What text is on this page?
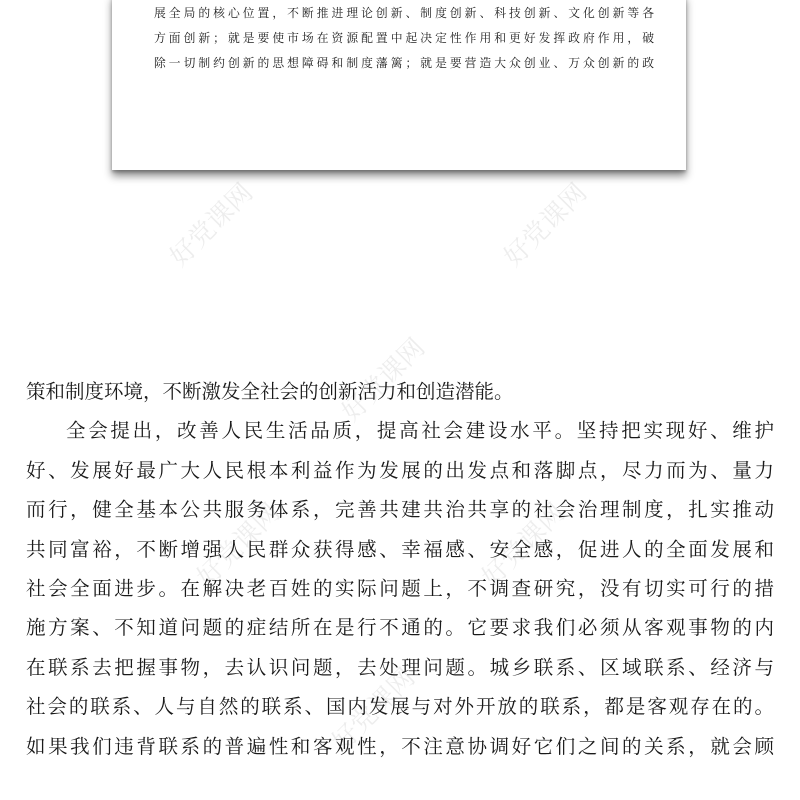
展全局的核心位置，不断推进理论创新、制度创新、科技创新、文化创新等各
方面创新；就是要使市场在资源配置中起决定性作用和更好发挥政府作用，破
除一切制约创新的思想障碍和制度藩篱；就是要营造大众创业、万众创新的政
好党课网	好党课网
好党课网
好党课网	好党课网
好党课网
策和制度环境，不断激发全社会的创新活力和创造潜能。
全会提出，改善人民生活品质，提高社会建设水平。坚持把实现好、维护
好、发展好最广大人民根本利益作为发展的出发点和落脚点，尽力而为、量力
而行，健全基本公共服务体系，完善共建共治共享的社会治理制度，扎实推动
共同富裕，不断增强人民群众获得感、幸福感、安全感，促进人的全面发展和
社会全面进步。在解决老百姓的实际问题上，不调查研究，没有切实可行的措
施方案、不知道问题的症结所在是行不通的。它要求我们必须从客观事物的内
在联系去把握事物，去认识问题，去处理问题。城乡联系、区域联系、经济与
社会的联系、人与自然的联系、国内发展与对外开放的联系，都是客观存在的。
如果我们违背联系的普遍性和客观性，不注意协调好它们之间的关系，就会顾
